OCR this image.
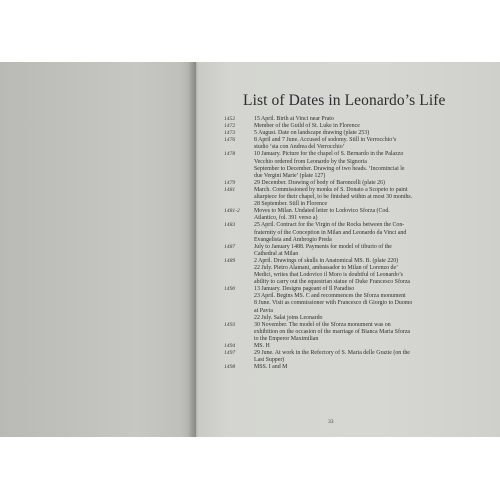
List of Dates in Leonardo’s Life
1452	15 April. Birth at Vinci near Prato
1472	Member of the Guild of St. Luke in Florence
1473	5 August. Date on landscape drawing (plate 253)
1476	8 April and 7 June. Accused of sodomy. Still in Verrocchio’s
studio ‘sta con Andrea del Verrocchio’
1478	10 January. Picture for the chapel of S. Bernardo in the Palazzo
Vecchio ordered from Leonardo by the Signoria
September to December. Drawing of two heads. ‘Incominciai le
due Vergini Marie’ (plate 127)
1479	29 December. Drawing of body of Baroncelli (plate 26)
1481	March. Commissioned by monks of S. Donato a Scopeto to paint
altarpiece for their chapel, to be finished within at most 30 months.
28 September. Still in Florence
1481-2	Moves to Milan. Undated letter to Lodovico Sforza (Cod.
Atlantico, fol. 391 verso a)
1483	25 April. Contract for the Virgin of the Rocks between the Con-
fraternity of the Conception in Milan and Leonardo da Vinci and
Evangelista and Ambrogio Preda
1487	July to January 1488. Payments for model of tiburio of the
Cathedral at Milan
1489	2 April. Drawings of skulls in Anatomical MS. B. (plate 220)
22 July. Pietro Alamani, ambassador to Milan of Lorenzo de’
Medici, writes that Lodovico il Moro is doubtful of Leonardo’s
ability to carry out the equestrian statue of Duke Francesco Sforza
1490	13 January. Designs pageant of Il Paradiso
23 April. Begins MS. C and recommences the Sforza monument
8 June. Visit as commissioner with Francesco di Giorgio to Duomo
at Pavia
22 July. Salai joins Leonardo
1493	30 November. The model of the Sforza monument was on
exhibition on the occasion of the marriage of Bianca Maria Sforza
to the Emperor Maximilian
1494	MS. H
1497	29 June. At work in the Refectory of S. Maria delle Grazie (on the
Last Supper)
1498	MSS. I and M
33
